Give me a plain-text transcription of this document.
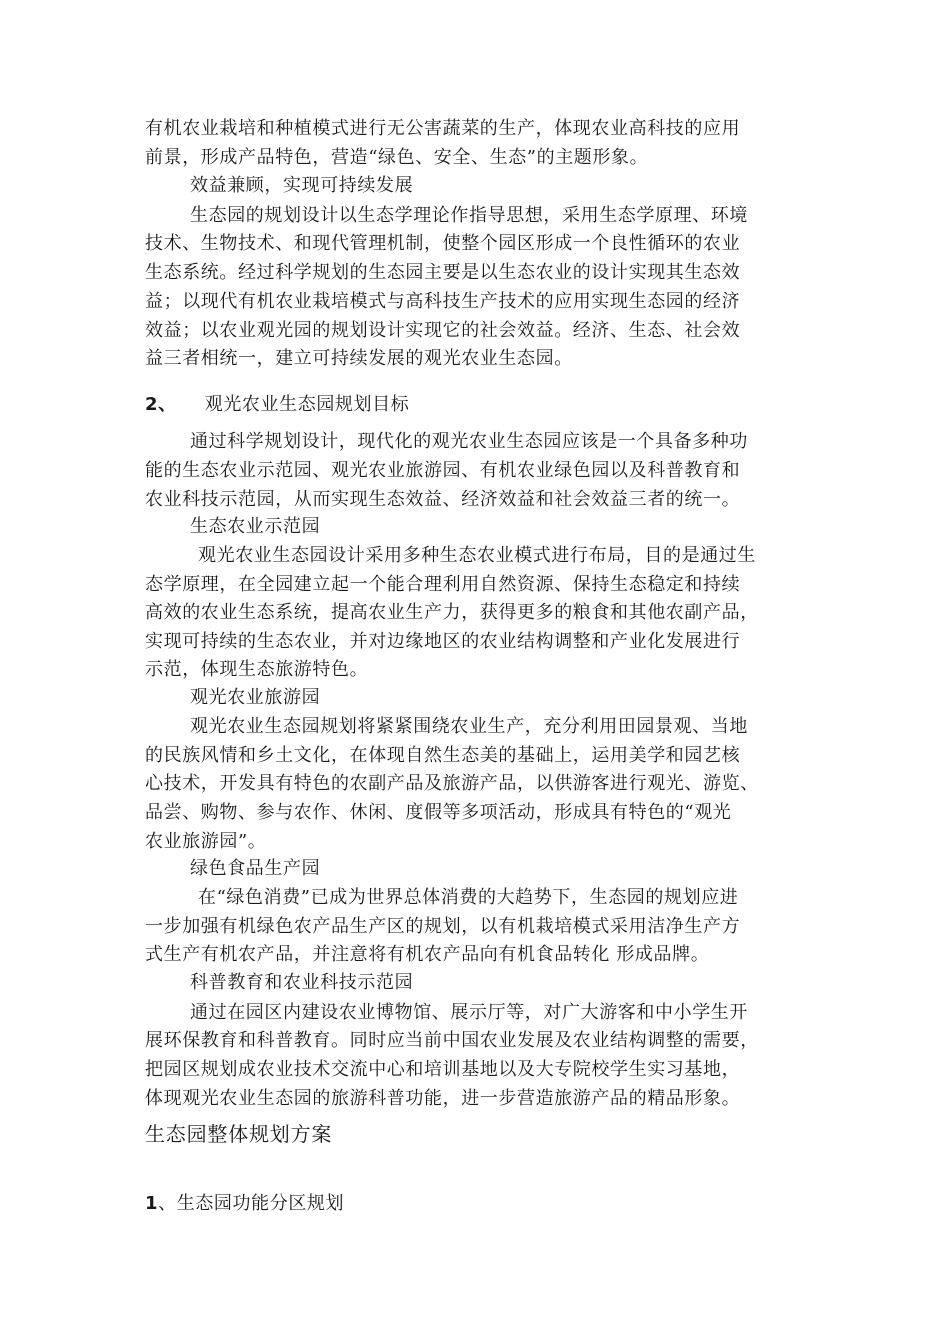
有机农业栽培和种植模式进行无公害蔬菜的生产，体现农业高科技的应用
前景，形成产品特色，营造“绿色、安全、生态”的主题形象。
效益兼顾，实现可持续发展
生态园的规划设计以生态学理论作指导思想，采用生态学原理、环境
技术、生物技术、和现代管理机制，使整个园区形成一个良性循环的农业
生态系统。经过科学规划的生态园主要是以生态农业的设计实现其生态效
益；以现代有机农业栽培模式与高科技生产技术的应用实现生态园的经济
效益；以农业观光园的规划设计实现它的社会效益。经济、生态、社会效
益三者相统一，建立可持续发展的观光农业生态园。
2、 观光农业生态园规划目标
通过科学规划设计，现代化的观光农业生态园应该是一个具备多种功
能的生态农业示范园、观光农业旅游园、有机农业绿色园以及科普教育和
农业科技示范园，从而实现生态效益、经济效益和社会效益三者的统一。
生态农业示范园
观光农业生态园设计采用多种生态农业模式进行布局，目的是通过生
态学原理，在全园建立起一个能合理利用自然资源、保持生态稳定和持续
高效的农业生态系统，提高农业生产力，获得更多的粮食和其他农副产品，
实现可持续的生态农业，并对边缘地区的农业结构调整和产业化发展进行
示范，体现生态旅游特色。
观光农业旅游园
观光农业生态园规划将紧紧围绕农业生产，充分利用田园景观、当地
的民族风情和乡土文化，在体现自然生态美的基础上，运用美学和园艺核
心技术，开发具有特色的农副产品及旅游产品，以供游客进行观光、游览、
品尝、购物、参与农作、休闲、度假等多项活动，形成具有特色的“观光
农业旅游园”。
绿色食品生产园
在“绿色消费”已成为世界总体消费的大趋势下，生态园的规划应进
一步加强有机绿色农产品生产区的规划，以有机栽培模式采用洁净生产方
式生产有机农产品，并注意将有机农产品向有机食品转化 形成品牌。
科普教育和农业科技示范园
通过在园区内建设农业博物馆、展示厅等，对广大游客和中小学生开
展环保教育和科普教育。同时应当前中国农业发展及农业结构调整的需要，
把园区规划成农业技术交流中心和培训基地以及大专院校学生实习基地，
体现观光农业生态园的旅游科普功能，进一步营造旅游产品的精品形象。
生态园整体规划方案
1、生态园功能分区规划
